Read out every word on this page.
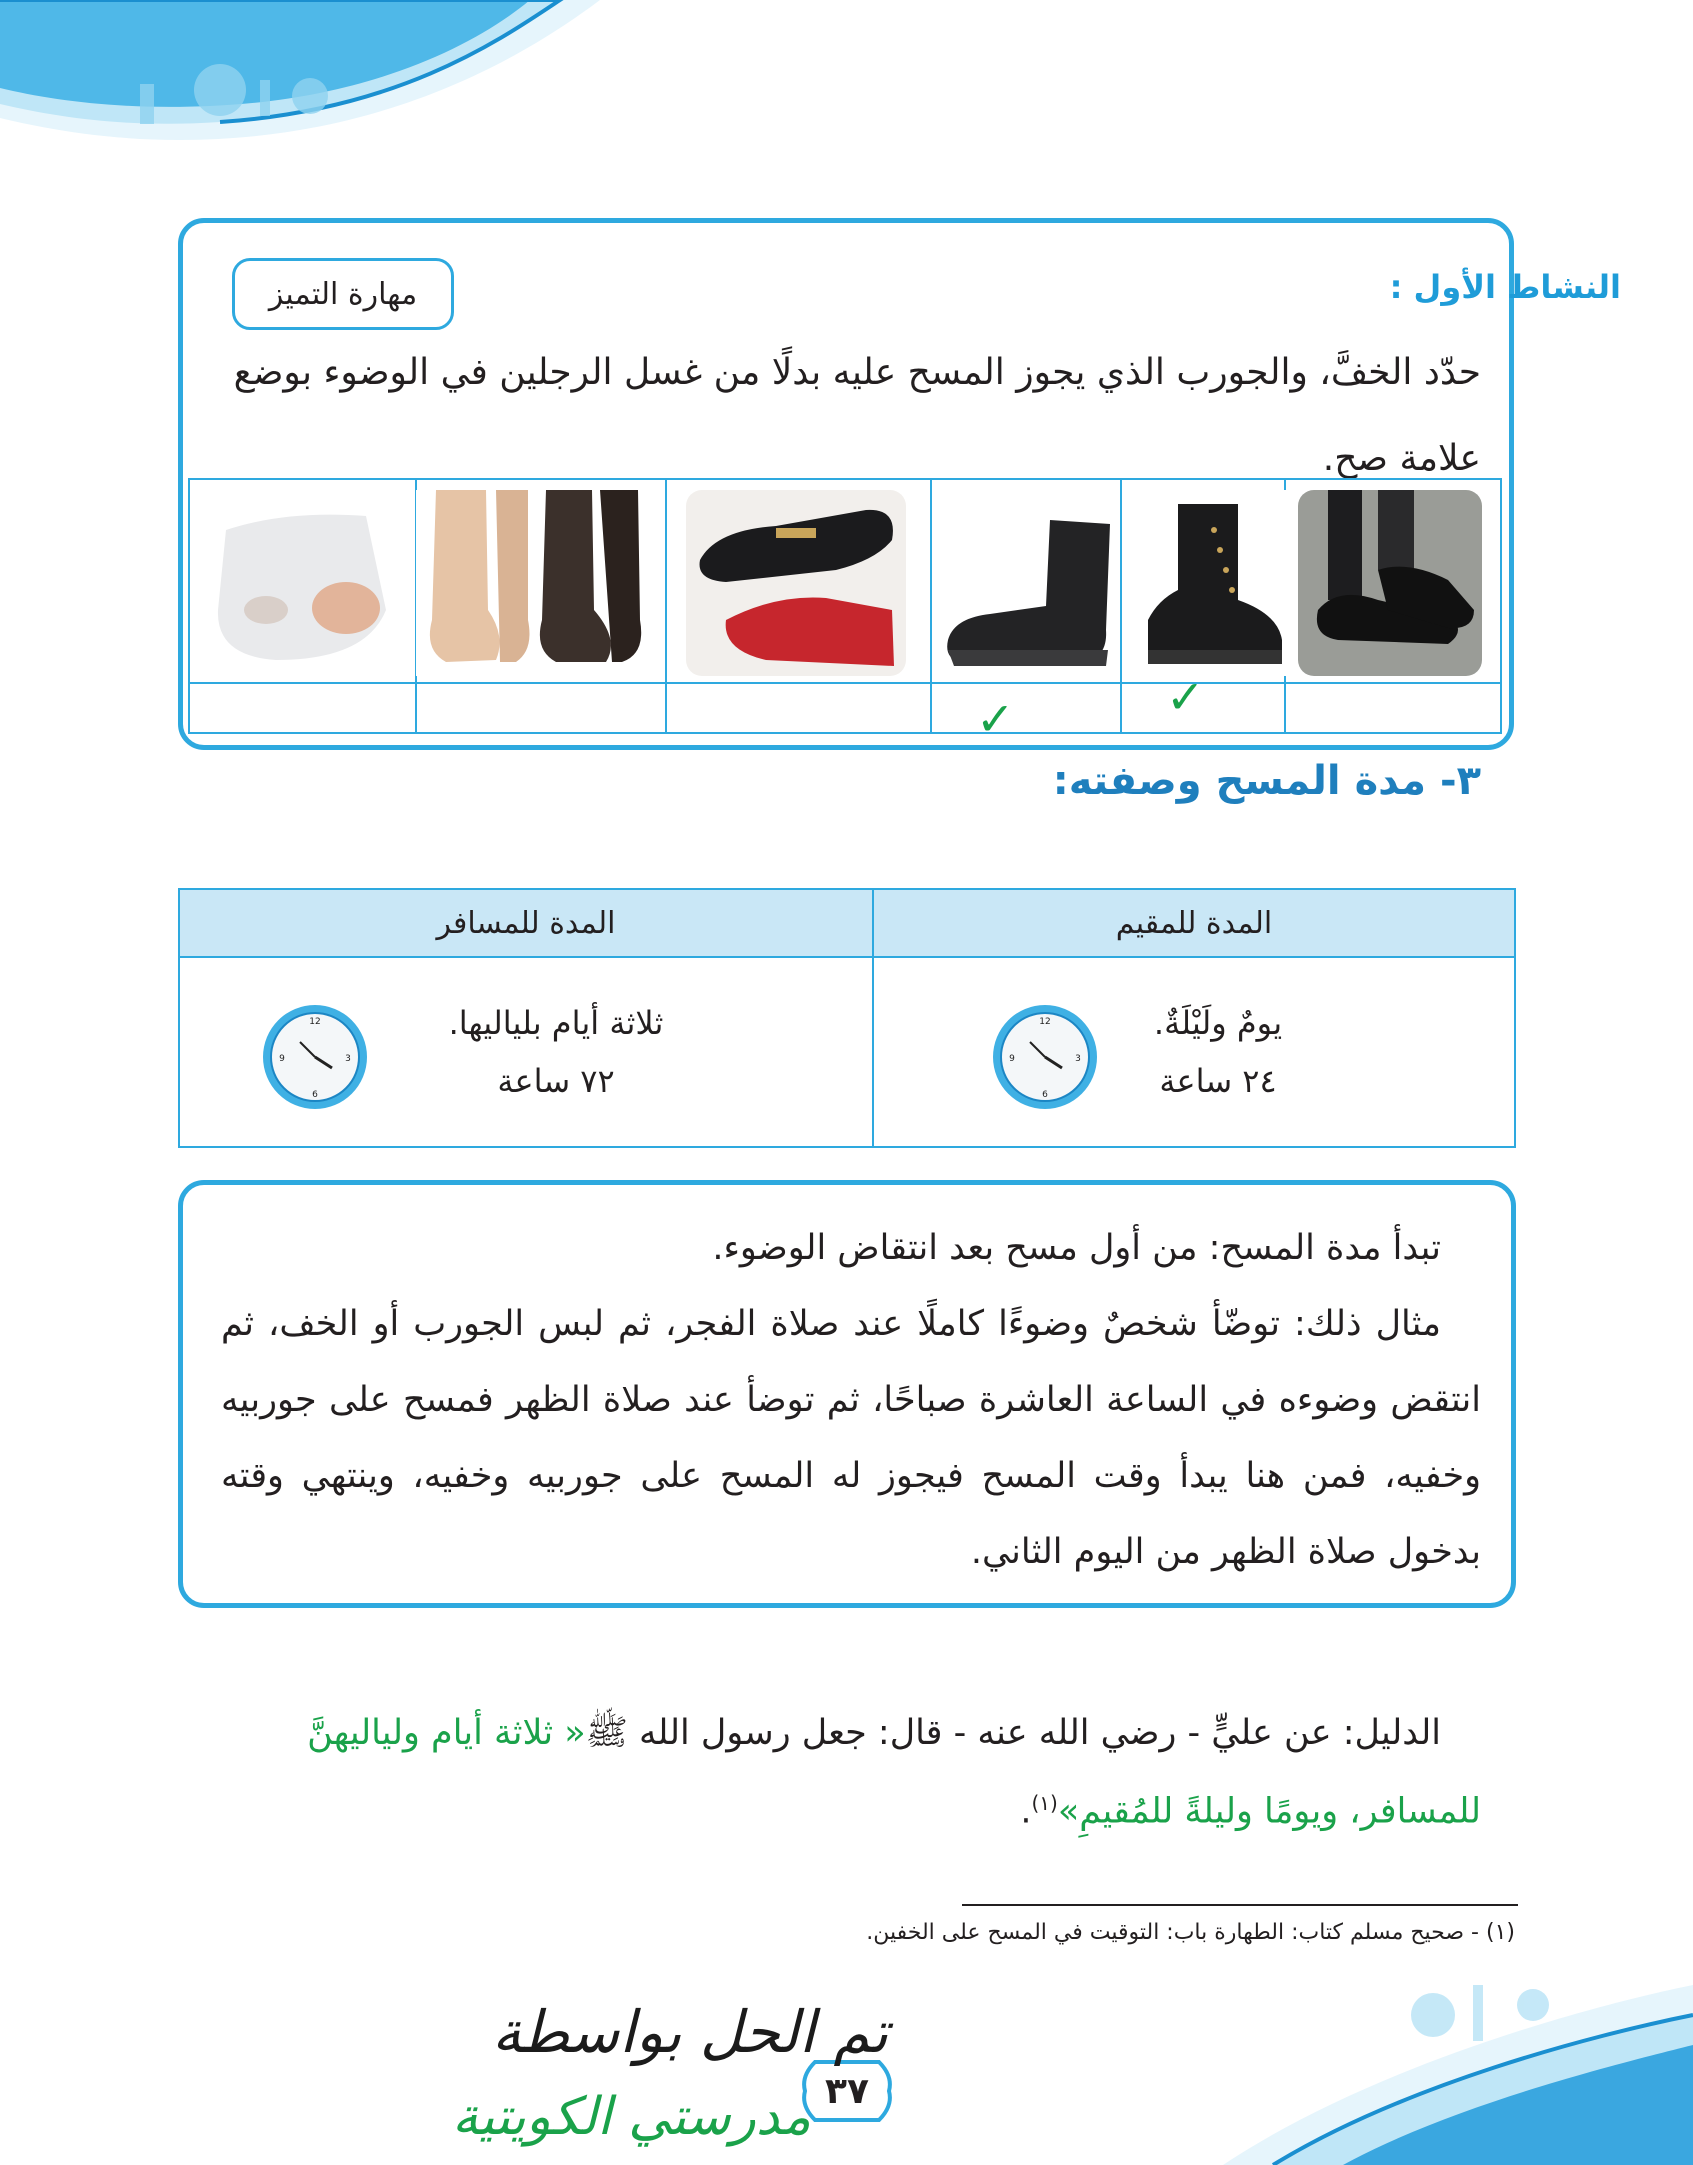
النشاط الأول :
مهارة التميز

حدّد الخفَّ، والجورب الذي يجوز المسح عليه بدلًا من غسل الرجلين في الوضوء بوضع

علامة صح.

✓	✓
٣- مدة المسح وصفته:
المدة للمقيم
المدة للمسافر
يومٌ ولَيْلَةٌ.
٢٤ ساعة
12
3
6
9
ثلاثة أيام بلياليها.
٧٢ ساعة
12
3
6
9

تبدأ مدة المسح: من أول مسح بعد انتقاض الوضوء.

مثال ذلك: توضّأ شخصٌ وضوءًا كاملًا عند صلاة الفجر، ثم لبس الجورب أو الخف، ثم انتقض وضوءه في الساعة العاشرة صباحًا، ثم توضأ عند صلاة الظهر فمسح على جوربيه وخفيه، فمن هنا يبدأ وقت المسح فيجوز له المسح على جوربيه وخفيه، وينتهي وقته بدخول صلاة الظهر من اليوم الثاني.

الدليل: عن عليٍّ - رضي الله عنه - قال: جعل رسول الله ﷺ« ثلاثة أيام ولياليهنَّ للمسافر، ويومًا وليلةً للمُقيمِ»$^{(١)}$.
(١) - صحيح مسلم كتاب: الطهارة باب: التوقيت في المسح على الخفين.
٣٧
تم الحل بواسطة
مدرستي الكويتية
